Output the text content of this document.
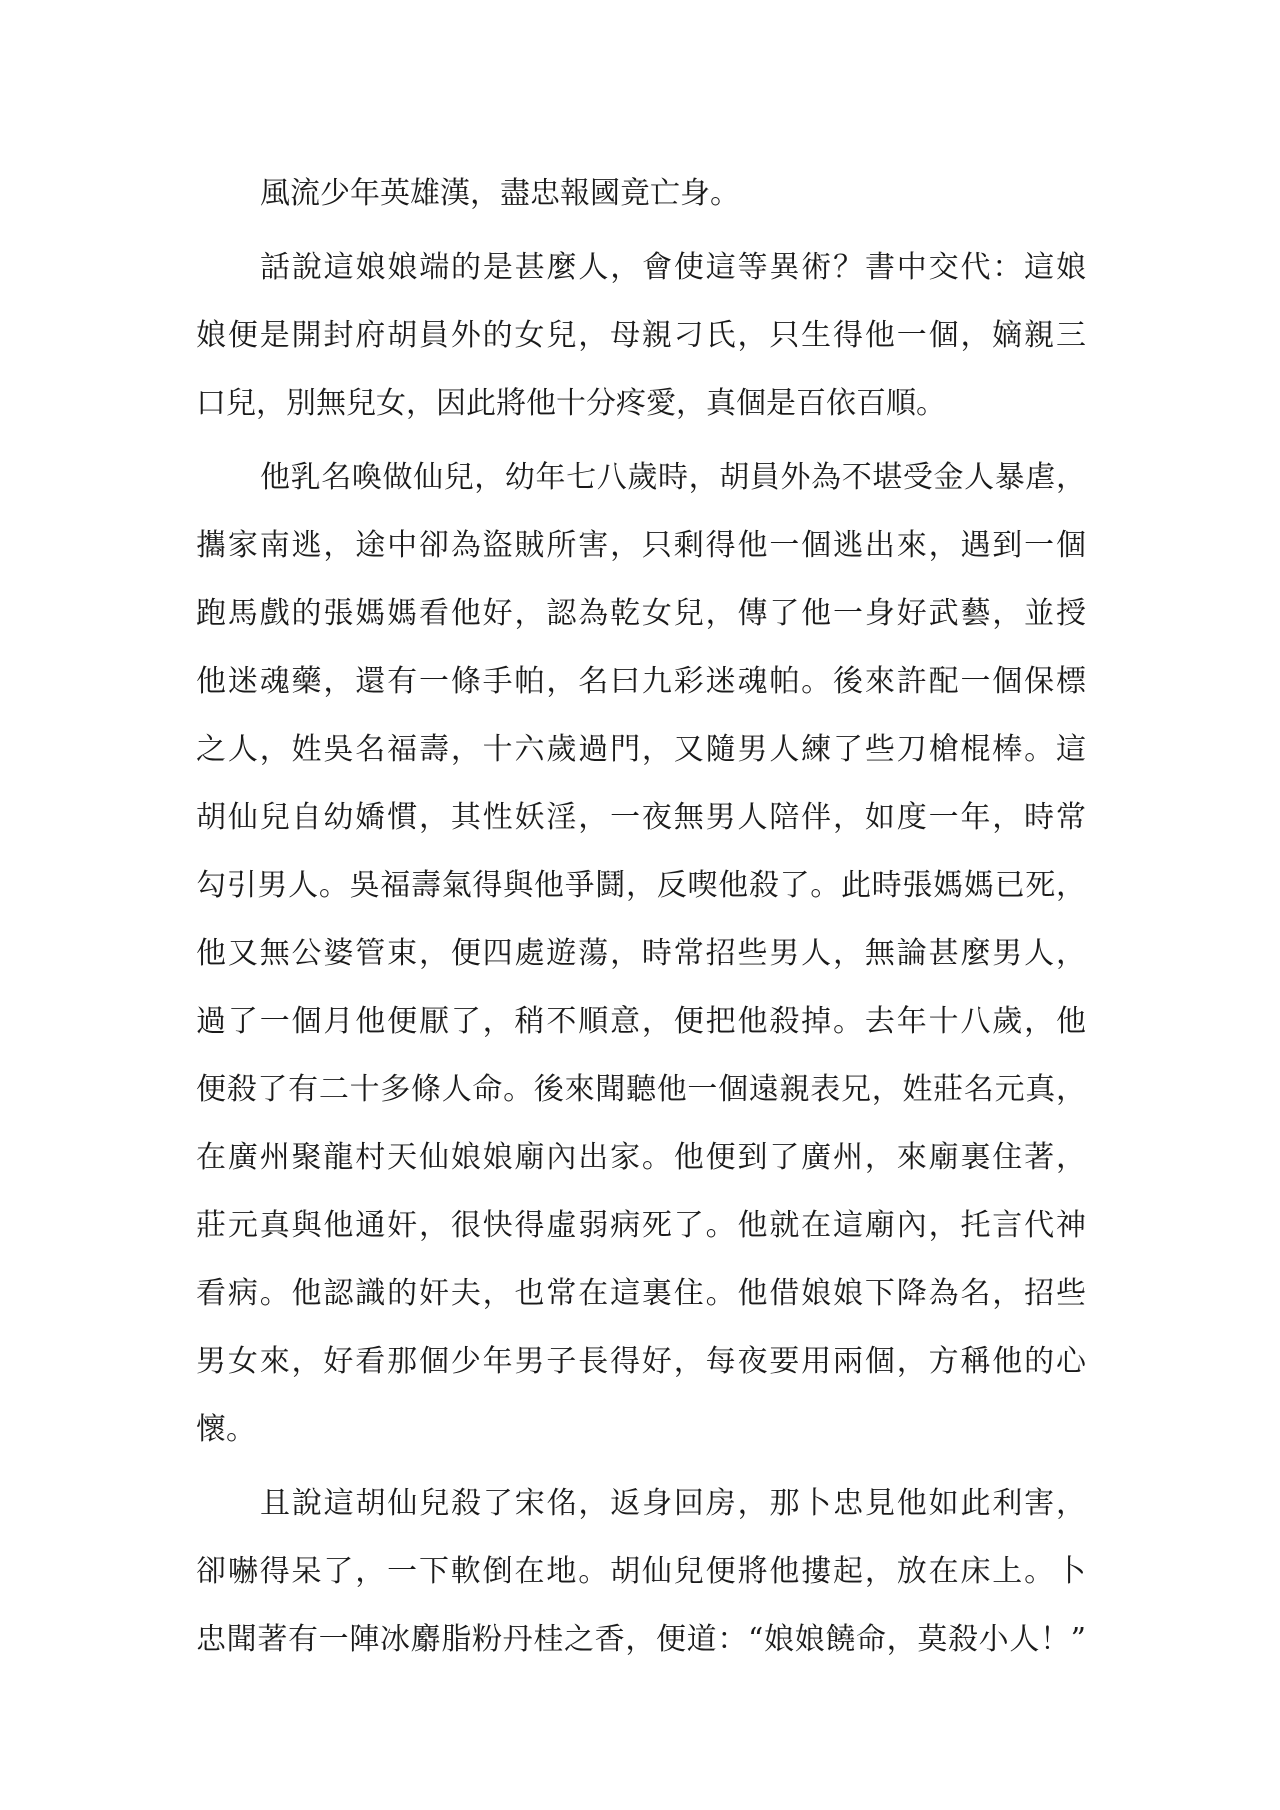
風流少年英雄漢，盡忠報國竟亡身。
話說這娘娘端的是甚麼人，會使這等異術？書中交代：這娘
娘便是開封府胡員外的女兒，母親刁氏，只生得他一個，嫡親三
口兒，別無兒女，因此將他十分疼愛，真個是百依百順。
他乳名喚做仙兒，幼年七八歲時，胡員外為不堪受金人暴虐，
攜家南逃，途中卻為盜賊所害，只剩得他一個逃出來，遇到一個
跑馬戲的張媽媽看他好，認為乾女兒，傳了他一身好武藝，並授
他迷魂藥，還有一條手帕，名曰九彩迷魂帕。後來許配一個保標
之人，姓吳名福壽，十六歲過門，又隨男人練了些刀槍棍棒。這
胡仙兒自幼嬌慣，其性妖淫，一夜無男人陪伴，如度一年，時常
勾引男人。吳福壽氣得與他爭鬪，反喫他殺了。此時張媽媽已死，
他又無公婆管束，便四處遊蕩，時常招些男人，無論甚麼男人，
過了一個月他便厭了，稍不順意，便把他殺掉。去年十八歲，他
便殺了有二十多條人命。後來聞聽他一個遠親表兄，姓莊名元真，
在廣州聚龍村天仙娘娘廟內出家。他便到了廣州，來廟裏住著，
莊元真與他通奸，很快得虛弱病死了。他就在這廟內，托言代神
看病。他認識的奸夫，也常在這裏住。他借娘娘下降為名，招些
男女來，好看那個少年男子長得好，每夜要用兩個，方稱他的心
懷。
且說這胡仙兒殺了宋佲，返身回房，那卜忠見他如此利害，
卻嚇得呆了，一下軟倒在地。胡仙兒便將他摟起，放在床上。卜
忠聞著有一陣冰麝脂粉丹桂之香，便道：“娘娘饒命，莫殺小人！”
